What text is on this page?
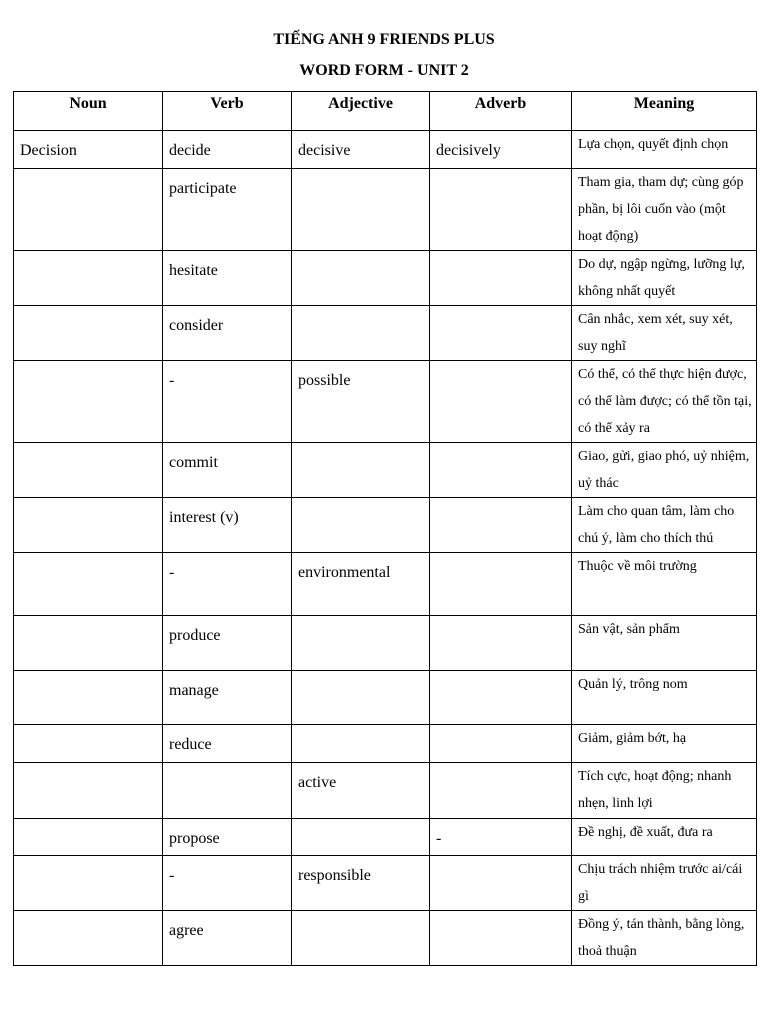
TIẾNG ANH 9 FRIENDS PLUS
WORD FORM - UNIT 2
Noun	Verb	Adjective	Adverb	Meaning

Decision	decide	decisive	decisively	Lựa chọn, quyết định chọn

	participate			Tham gia, tham dự; cùng góp phần, bị lôi cuốn vào (một hoạt động)

	hesitate			Do dự, ngập ngừng, lưỡng lự, không nhất quyết

	consider			Cân nhắc, xem xét, suy xét, suy nghĩ

	-	possible		Có thể, có thể thực hiện được, có thể làm được; có thể tồn tại, có thể xảy ra

	commit			Giao, gửi, giao phó, uỷ nhiệm, uỷ thác

	interest (v)			Làm cho quan tâm, làm cho chú ý, làm cho thích thú

	-	environmental		Thuộc về môi trường

	produce			Sản vật, sản phẩm

	manage			Quản lý, trông nom

	reduce			Giảm, giảm bớt, hạ

		active		Tích cực, hoạt động; nhanh nhẹn, linh lợi

	propose		-	Đề nghị, đề xuất, đưa ra

	-	responsible		Chịu trách nhiệm trước ai/cái gì

	agree			Đồng ý, tán thành, bằng lòng, thoả thuận
